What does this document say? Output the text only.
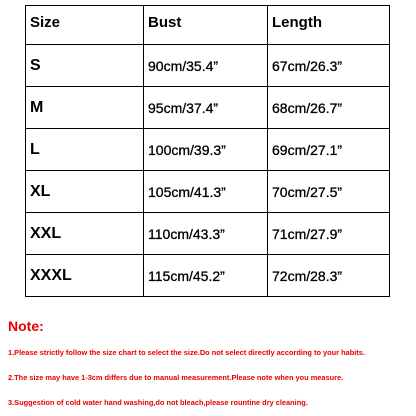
Size	Bust	Length
S	90cm/35.4”	67cm/26.3”
M	95cm/37.4”	68cm/26.7”
L	100cm/39.3”	69cm/27.1”
XL	105cm/41.3”	70cm/27.5”
XXL	110cm/43.3”	71cm/27.9”
XXXL	115cm/45.2”	72cm/28.3”
Note:
1.Please strictly follow the size chart to select the size.Do not select directly according to your habits.
2.The size may have 1-3cm differs due to manual measurement.Please note when you measure.
3.Suggestion of cold water hand washing,do not bleach,please rountine dry cleaning.
